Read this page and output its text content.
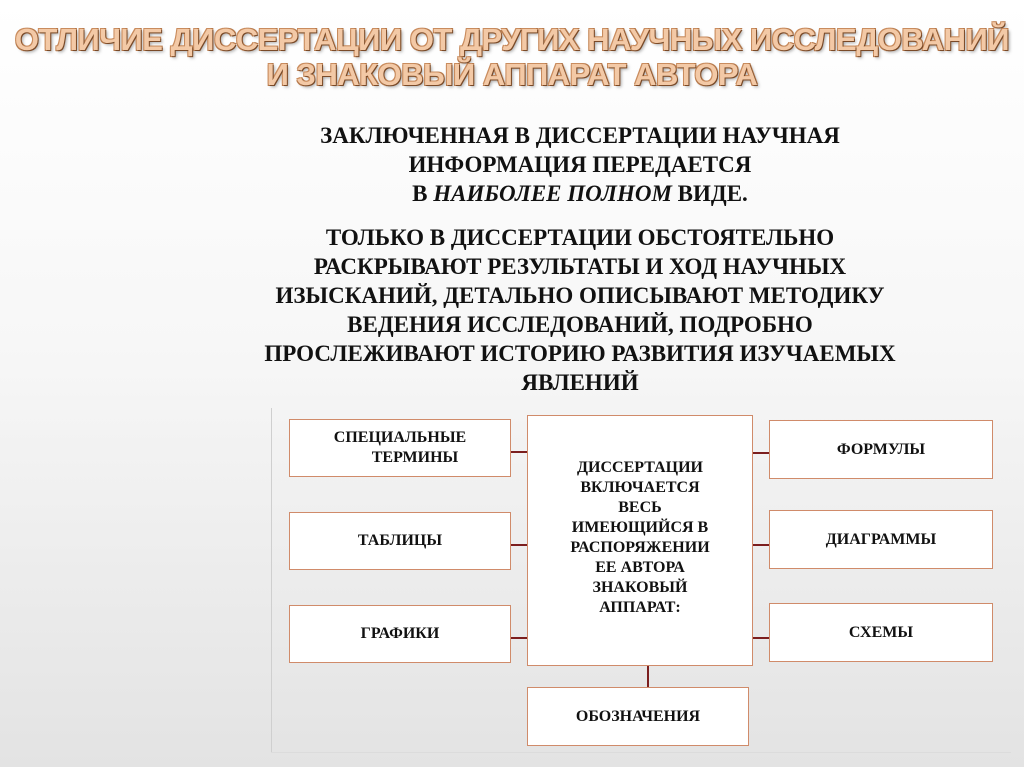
ОТЛИЧИЕ ДИССЕРТАЦИИ ОТ ДРУГИХ НАУЧНЫХ ИССЛЕДОВАНИЙ
И ЗНАКОВЫЙ АППАРАТ АВТОРА
ЗАКЛЮЧЕННАЯ В ДИССЕРТАЦИИ НАУЧНАЯ
ИНФОРМАЦИЯ ПЕРЕДАЕТСЯ
В НАИБОЛЕЕ ПОЛНОМ ВИДЕ.
ТОЛЬКО В ДИССЕРТАЦИИ ОБСТОЯТЕЛЬНО
РАСКРЫВАЮТ РЕЗУЛЬТАТЫ И ХОД НАУЧНЫХ
ИЗЫСКАНИЙ, ДЕТАЛЬНО ОПИСЫВАЮТ МЕТОДИКУ
ВЕДЕНИЯ ИССЛЕДОВАНИЙ, ПОДРОБНО
ПРОСЛЕЖИВАЮТ ИСТОРИЮ РАЗВИТИЯ ИЗУЧАЕМЫХ
ЯВЛЕНИЙ
СПЕЦИАЛЬНЫЕ
ТЕРМИНЫ
ТАБЛИЦЫ
ГРАФИКИ
ДИССЕРТАЦИИ
ВКЛЮЧАЕТСЯ
ВЕСЬ
ИМЕЮЩИЙСЯ В
РАСПОРЯЖЕНИИ
ЕЕ АВТОРА
ЗНАКОВЫЙ
АППАРАТ:
ФОРМУЛЫ
ДИАГРАММЫ
СХЕМЫ
ОБОЗНАЧЕНИЯ
